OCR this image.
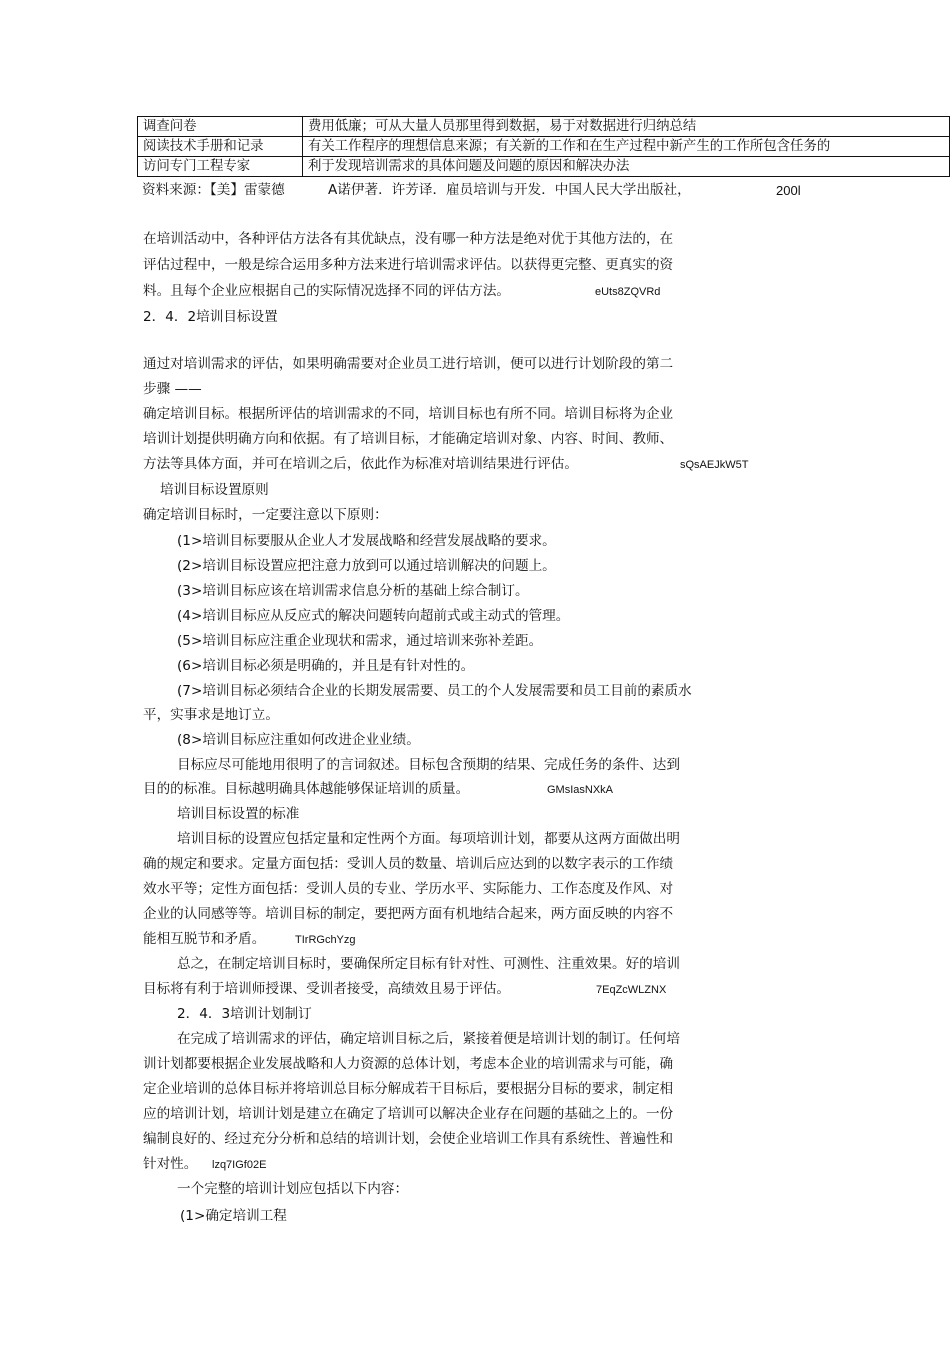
调查问卷	费用低廉；可从大量人员那里得到数据，易于对数据进行归纳总结
阅读技术手册和记录	有关工作程序的理想信息来源；有关新的工作和在生产过程中新产生的工作所包含任务的
访问专门工程专家	利于发现培训需求的具体问题及问题的原因和解决办法
资料来源：【美】雷蒙德	A诺伊著．许芳译．雇员培训与开发．中国人民大学出版社，	200l
在培训活动中，各种评估方法各有其优缺点，没有哪一种方法是绝对优于其他方法的，在
评估过程中，一般是综合运用多种方法来进行培训需求评估。以获得更完整、更真实的资
料。且每个企业应根据自己的实际情况选择不同的评估方法。	eUts8ZQVRd
2．4．2培训目标设置
通过对培训需求的评估，如果明确需要对企业员工进行培训，便可以进行计划阶段的第二
步骤 ——
确定培训目标。根据所评估的培训需求的不同，培训目标也有所不同。培训目标将为企业
培训计划提供明确方向和依据。有了培训目标，才能确定培训对象、内容、时间、教师、
方法等具体方面，并可在培训之后，依此作为标准对培训结果进行评估。	sQsAEJkW5T
培训目标设置原则
确定培训目标时，一定要注意以下原则：
(1>培训目标要服从企业人才发展战略和经营发展战略的要求。
(2>培训目标设置应把注意力放到可以通过培训解决的问题上。
(3>培训目标应该在培训需求信息分析的基础上综合制订。
(4>培训目标应从反应式的解决问题转向超前式或主动式的管理。
(5>培训目标应注重企业现状和需求，通过培训来弥补差距。
(6>培训目标必须是明确的，并且是有针对性的。
(7>培训目标必须结合企业的长期发展需要、员工的个人发展需要和员工目前的素质水
平，实事求是地订立。
(8>培训目标应注重如何改进企业业绩。
目标应尽可能地用很明了的言词叙述。目标包含预期的结果、完成任务的条件、达到
目的的标准。目标越明确具体越能够保证培训的质量。	GMsIasNXkA
培训目标设置的标准
培训目标的设置应包括定量和定性两个方面。每项培训计划，都要从这两方面做出明
确的规定和要求。定量方面包括：受训人员的数量、培训后应达到的以数字表示的工作绩
效水平等；定性方面包括：受训人员的专业、学历水平、实际能力、工作态度及作风、对
企业的认同感等等。培训目标的制定，要把两方面有机地结合起来，两方面反映的内容不
能相互脱节和矛盾。	TIrRGchYzg
总之，在制定培训目标时，要确保所定目标有针对性、可测性、注重效果。好的培训
目标将有利于培训师授课、受训者接受，高绩效且易于评估。	7EqZcWLZNX
2．4．3培训计划制订
在完成了培训需求的评估，确定培训目标之后，紧接着便是培训计划的制订。任何培
训计划都要根据企业发展战略和人力资源的总体计划，考虑本企业的培训需求与可能，确
定企业培训的总体目标并将培训总目标分解成若干目标后，要根据分目标的要求，制定相
应的培训计划，培训计划是建立在确定了培训可以解决企业存在问题的基础之上的。一份
编制良好的、经过充分分析和总结的培训计划，会使企业培训工作具有系统性、普遍性和
针对性。 lzq7IGf02E
一个完整的培训计划应包括以下内容：
(1>确定培训工程
